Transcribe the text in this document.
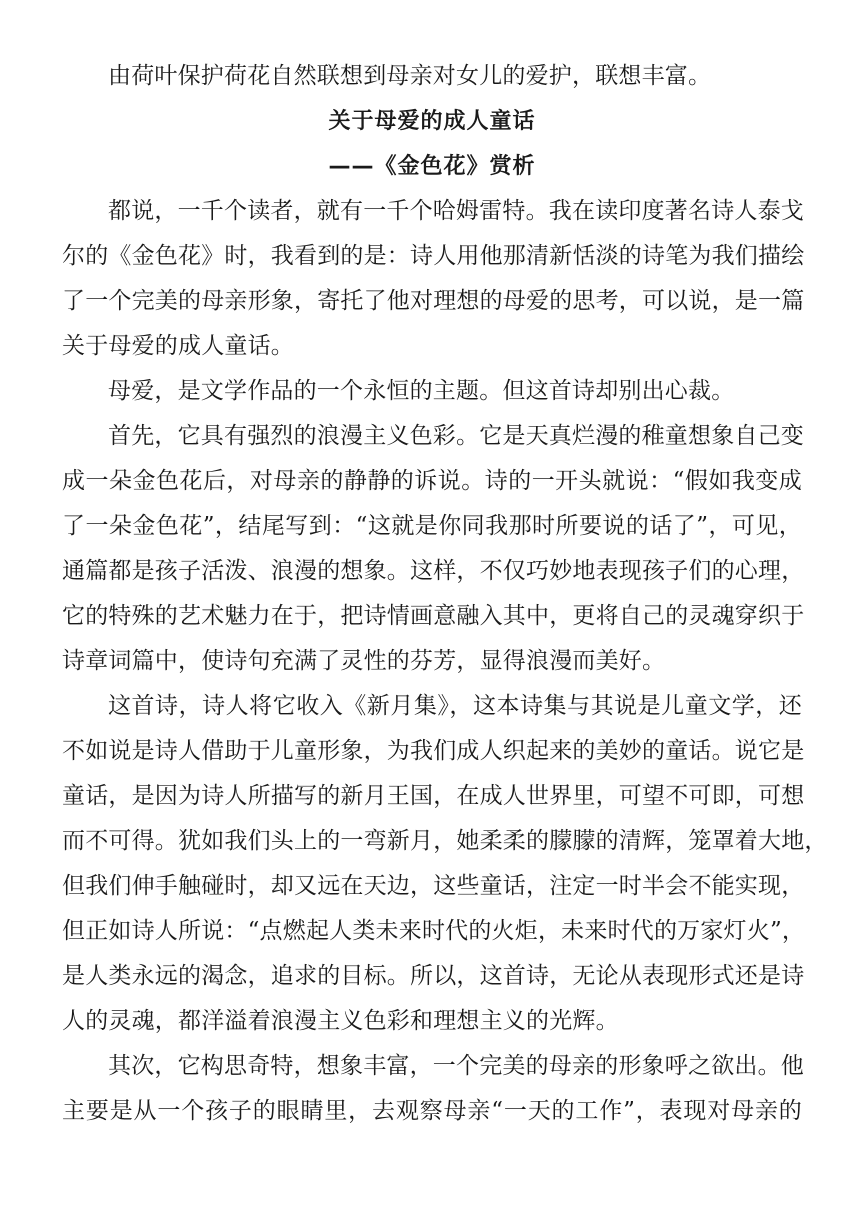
由荷叶保护荷花自然联想到母亲对女儿的爱护，联想丰富。
关于母爱的成人童话
——《金色花》赏析
都说，一千个读者，就有一千个哈姆雷特。我在读印度著名诗人泰戈
尔的《金色花》时，我看到的是：诗人用他那清新恬淡的诗笔为我们描绘
了一个完美的母亲形象，寄托了他对理想的母爱的思考，可以说，是一篇
关于母爱的成人童话。
母爱，是文学作品的一个永恒的主题。但这首诗却别出心裁。
首先，它具有强烈的浪漫主义色彩。它是天真烂漫的稚童想象自己变
成一朵金色花后，对母亲的静静的诉说。诗的一开头就说：“假如我变成
了一朵金色花”，结尾写到：“这就是你同我那时所要说的话了”，可见，
通篇都是孩子活泼、浪漫的想象。这样，不仅巧妙地表现孩子们的心理，
它的特殊的艺术魅力在于，把诗情画意融入其中，更将自己的灵魂穿织于
诗章词篇中，使诗句充满了灵性的芬芳，显得浪漫而美好。
这首诗，诗人将它收入《新月集》，这本诗集与其说是儿童文学，还
不如说是诗人借助于儿童形象，为我们成人织起来的美妙的童话。说它是
童话，是因为诗人所描写的新月王国，在成人世界里，可望不可即，可想
而不可得。犹如我们头上的一弯新月，她柔柔的朦朦的清辉，笼罩着大地，
但我们伸手触碰时，却又远在天边，这些童话，注定一时半会不能实现，
但正如诗人所说：“点燃起人类未来时代的火炬，未来时代的万家灯火”，
是人类永远的渴念，追求的目标。所以，这首诗，无论从表现形式还是诗
人的灵魂，都洋溢着浪漫主义色彩和理想主义的光辉。
其次，它构思奇特，想象丰富，一个完美的母亲的形象呼之欲出。他
主要是从一个孩子的眼睛里，去观察母亲“一天的工作”，表现对母亲的
